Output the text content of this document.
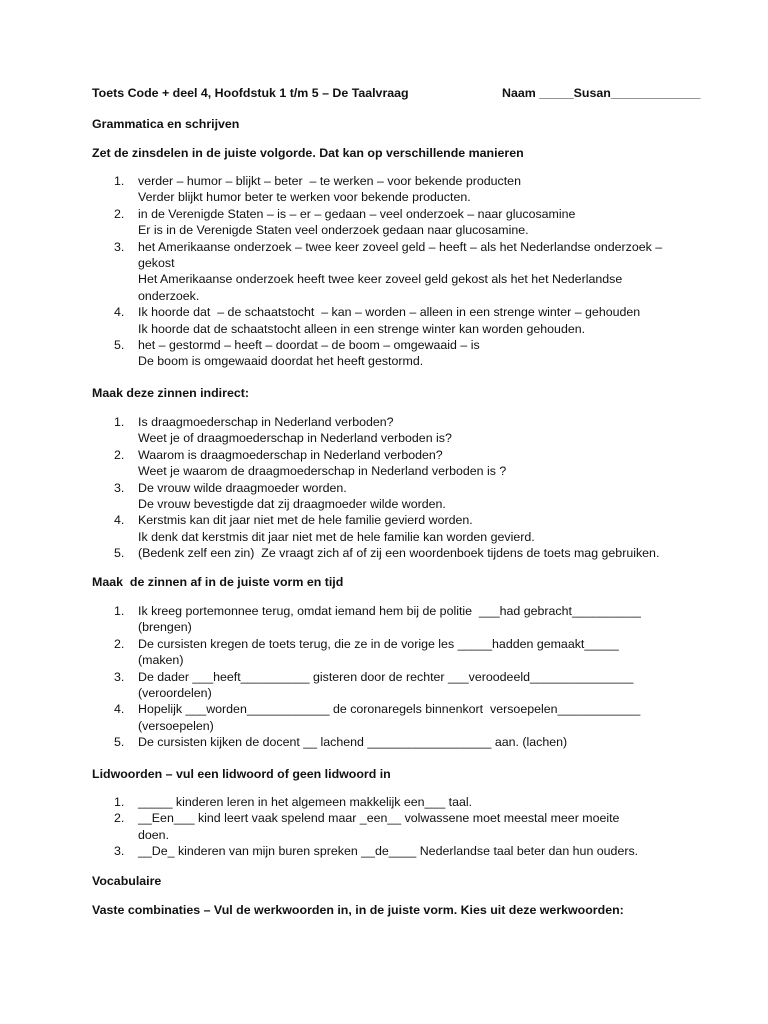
Toets Code + deel 4, Hoofdstuk 1 t/m 5 – De Taalvraag

	Naam _____Susan_____________

Grammatica en schrijven
Zet de zinsdelen in de juiste volgorde. Dat kan op verschillende manieren
1. verder – humor – blijkt – beter  – te werken – voor bekende producten
Verder blijkt humor beter te werken voor bekende producten.
2. in de Verenigde Staten – is – er – gedaan – veel onderzoek – naar glucosamine
Er is in de Verenigde Staten veel onderzoek gedaan naar glucosamine.
3. het Amerikaanse onderzoek – twee keer zoveel geld – heeft – als het Nederlandse onderzoek –
gekost
Het Amerikaanse onderzoek heeft twee keer zoveel geld gekost als het het Nederlandse
onderzoek.
4. Ik hoorde dat  – de schaatstocht  – kan – worden – alleen in een strenge winter – gehouden
Ik hoorde dat de schaatstocht alleen in een strenge winter kan worden gehouden.
5. het – gestormd – heeft – doordat – de boom – omgewaaid – is
De boom is omgewaaid doordat het heeft gestormd.
Maak deze zinnen indirect:
1. Is draagmoederschap in Nederland verboden?
Weet je of draagmoederschap in Nederland verboden is?
2. Waarom is draagmoederschap in Nederland verboden?
Weet je waarom de draagmoederschap in Nederland verboden is ?
3. De vrouw wilde draagmoeder worden.
De vrouw bevestigde dat zij draagmoeder wilde worden.
4. Kerstmis kan dit jaar niet met de hele familie gevierd worden.
Ik denk dat kerstmis dit jaar niet met de hele familie kan worden gevierd.
5. (Bedenk zelf een zin)  Ze vraagt zich af of zij een woordenboek tijdens de toets mag gebruiken.
Maak  de zinnen af in de juiste vorm en tijd
1. Ik kreeg portemonnee terug, omdat iemand hem bij de politie  ___had gebracht__________
(brengen)
2. De cursisten kregen de toets terug, die ze in de vorige les _____hadden gemaakt_____
(maken)
3. De dader ___heeft__________ gisteren door de rechter ___veroodeeld_______________
(veroordelen)
4. Hopelijk ___worden____________ de coronaregels binnenkort  versoepelen____________
(versoepelen)
5. De cursisten kijken de docent __ lachend __________________ aan. (lachen)
Lidwoorden – vul een lidwoord of geen lidwoord in
1. _____ kinderen leren in het algemeen makkelijk een___ taal.
2. __Een___ kind leert vaak spelend maar _een__ volwassene moet meestal meer moeite
doen.
3. __De_ kinderen van mijn buren spreken __de____ Nederlandse taal beter dan hun ouders.
Vocabulaire
Vaste combinaties – Vul de werkwoorden in, in de juiste vorm. Kies uit deze werkwoorden:
